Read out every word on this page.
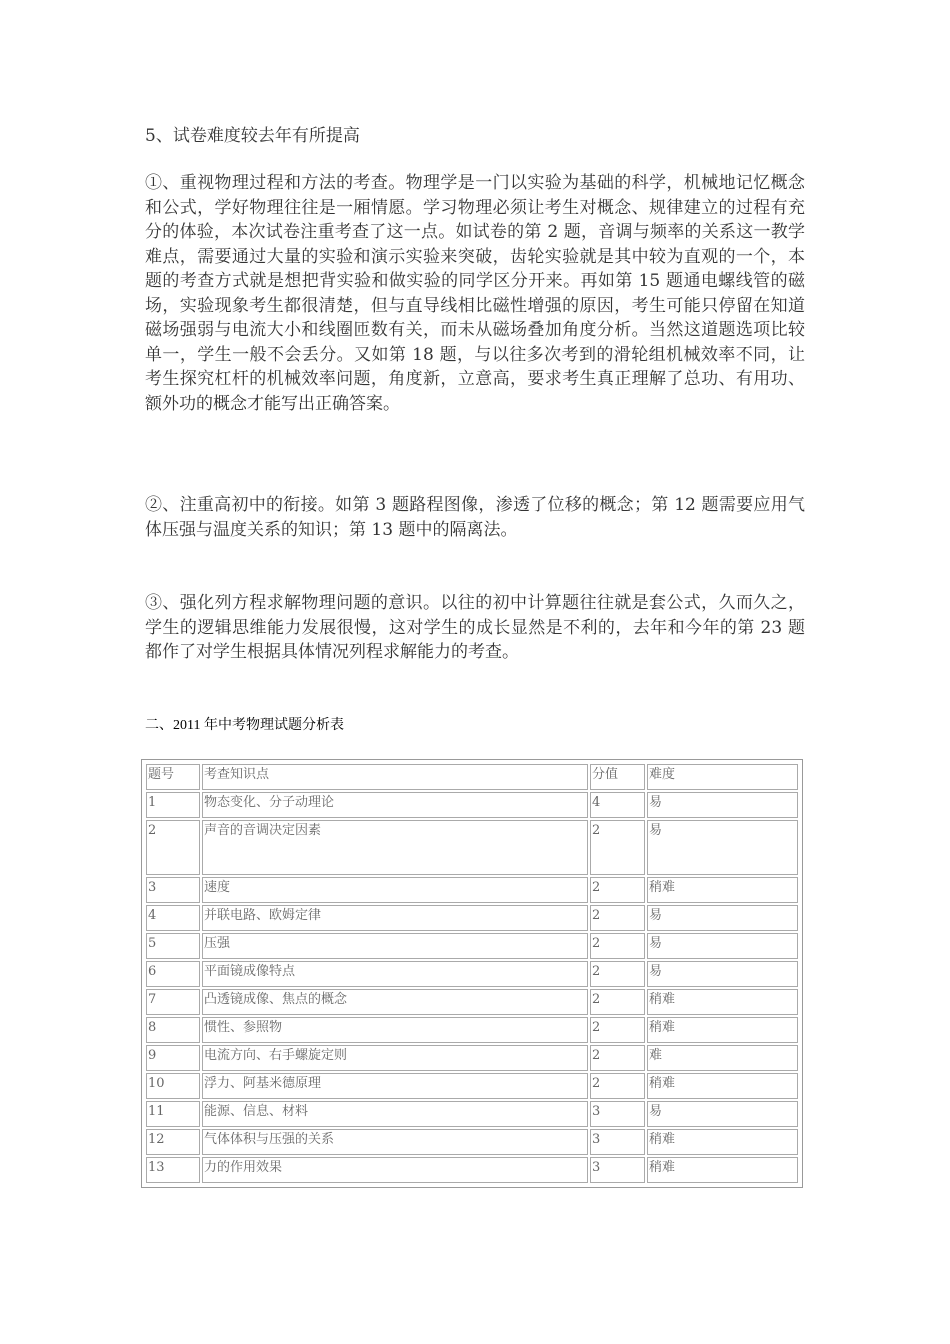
5、试卷难度较去年有所提高

①、重视物理过程和方法的考查。物理学是一门以实验为基础的科学，机械地记忆概念和公式，学好物理往往是一厢情愿。学习物理必须让考生对概念、规律建立的过程有充分的体验，本次试卷注重考查了这一点。如试卷的第 2 题，音调与频率的关系这一教学难点，需要通过大量的实验和演示实验来突破，齿轮实验就是其中较为直观的一个，本题的考查方式就是想把背实验和做实验的同学区分开来。再如第 15 题通电螺线管的磁场，实验现象考生都很清楚，但与直导线相比磁性增强的原因，考生可能只停留在知道磁场强弱与电流大小和线圈匝数有关，而未从磁场叠加角度分析。当然这道题选项比较单一，学生一般不会丢分。又如第 18 题，与以往多次考到的滑轮组机械效率不同，让考生探究杠杆的机械效率问题，角度新，立意高，要求考生真正理解了总功、有用功、额外功的概念才能写出正确答案。

②、注重高初中的衔接。如第 3 题路程图像，渗透了位移的概念；第 12 题需要应用气体压强与温度关系的知识；第 13 题中的隔离法。

③、强化列方程求解物理问题的意识。以往的初中计算题往往就是套公式，久而久之，学生的逻辑思维能力发展很慢，这对学生的成长显然是不利的，去年和今年的第 23 题都作了对学生根据具体情况列程求解能力的考查。

二、2011 年中考物理试题分析表
题号	考查知识点	分值	难度
1	物态变化、分子动理论	4	易
2	声音的音调决定因素	2	易
3	速度	2	稍难
4	并联电路、欧姆定律	2	易
5	压强	2	易
6	平面镜成像特点	2	易
7	凸透镜成像、焦点的概念	2	稍难
8	惯性、参照物	2	稍难
9	电流方向、右手螺旋定则	2	难
10	浮力、阿基米德原理	2	稍难
11	能源、信息、材料	3	易
12	气体体积与压强的关系	3	稍难
13	力的作用效果	3	稍难
